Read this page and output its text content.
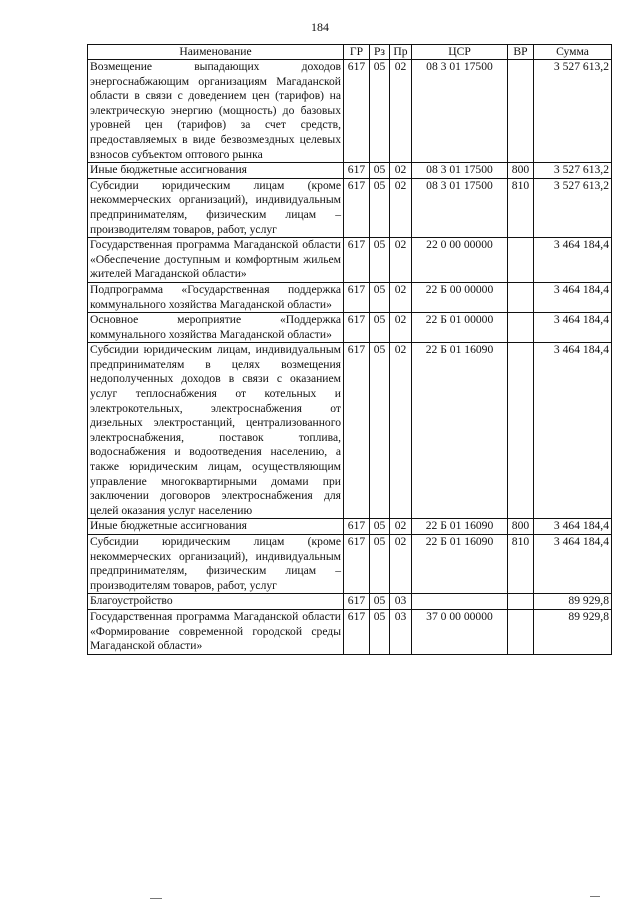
184
Наименование	ГР	Рз	Пр	ЦСР	ВР	Сумма
Возмещение выпадающих доходов энергоснабжающим организациям Магаданской области в связи с доведением цен (тарифов) на электрическую энергию (мощность) до базовых уровней цен (тарифов) за счет средств, предоставляемых в виде безвозмездных целевых взносов субъектом оптового рынка	617	05	02	08 3 01 17500		3 527 613,2
Иные бюджетные ассигнования	617	05	02	08 3 01 17500	800	3 527 613,2
Субсидии юридическим лицам (кроме некоммерческих организаций), индивидуальным предпринимателям, физическим лицам – производителям товаров, работ, услуг	617	05	02	08 3 01 17500	810	3 527 613,2
Государственная программа Магаданской области «Обеспечение доступным и комфортным жильем жителей Магаданской области»	617	05	02	22 0 00 00000		3 464 184,4
Подпрограмма «Государственная поддержка коммунального хозяйства Магаданской области»	617	05	02	22 Б 00 00000		3 464 184,4
Основное мероприятие «Поддержка коммунального хозяйства Магаданской области»	617	05	02	22 Б 01 00000		3 464 184,4
Субсидии юридическим лицам, индивидуальным предпринимателям в целях возмещения недополученных доходов в связи с оказанием услуг теплоснабжения от котельных и электрокотельных, электроснабжения от дизельных электростанций, централизованного электроснабжения, поставок топлива, водоснабжения и водоотведения населению, а также юридическим лицам, осуществляющим управление многоквартирными домами при заключении договоров электроснабжения для целей оказания услуг населению	617	05	02	22 Б 01 16090		3 464 184,4
Иные бюджетные ассигнования	617	05	02	22 Б 01 16090	800	3 464 184,4
Субсидии юридическим лицам (кроме некоммерческих организаций), индивидуальным предпринимателям, физическим лицам – производителям товаров, работ, услуг	617	05	02	22 Б 01 16090	810	3 464 184,4
Благоустройство	617	05	03			89 929,8
Государственная программа Магаданской области «Формирование современной городской среды Магаданской области»	617	05	03	37 0 00 00000		89 929,8
